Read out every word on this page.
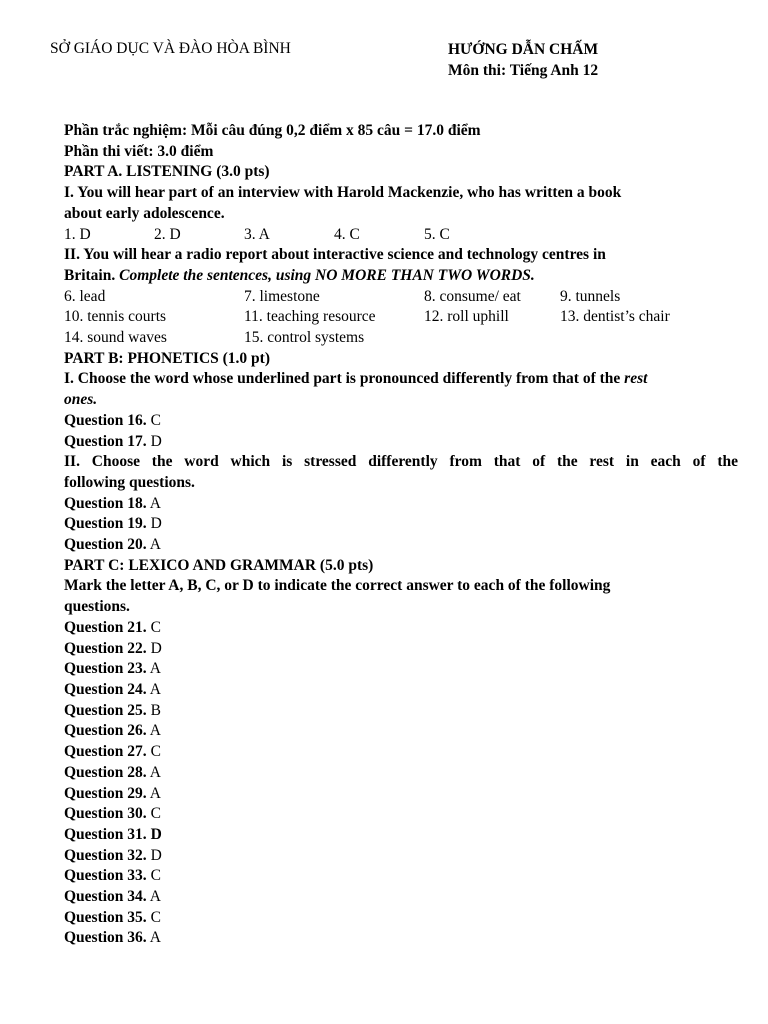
SỞ GIÁO DỤC VÀ ĐÀO HÒA BÌNH	HƯỚNG DẪN CHẤM
Môn thi: Tiếng Anh 12
Phần trắc nghiệm: Mỗi câu đúng 0,2 điểm x 85 câu = 17.0 điểm
Phần thi viết: 3.0 điểm
PART A. LISTENING (3.0 pts)
I. You will hear part of an interview with Harold Mackenzie, who has written a book
about early adolescence.
1. D	2. D	3. A	4. C	5. C
II. You will hear a radio report about interactive science and technology centres in
Britain. Complete the sentences, using NO MORE THAN TWO WORDS.
6. lead	7. limestone	8. consume/ eat	9. tunnels
10. tennis courts	11. teaching resource	12. roll uphill	13. dentist’s chair
14. sound waves	15. control systems
PART B: PHONETICS (1.0 pt)
I. Choose the word whose underlined part is pronounced differently from that of the rest
ones.
Question 16. C
Question 17. D
II. Choose the word which is stressed differently from that of the rest in each of the
following questions.
Question 18. A
Question 19. D
Question 20. A
PART C: LEXICO AND GRAMMAR (5.0 pts)
Mark the letter A, B, C, or D to indicate the correct answer to each of the following
questions.
Question 21. C
Question 22. D
Question 23. A
Question 24. A
Question 25. B
Question 26. A
Question 27. C
Question 28. A
Question 29. A
Question 30. C
Question 31. D
Question 32. D
Question 33. C
Question 34. A
Question 35. C
Question 36. A
